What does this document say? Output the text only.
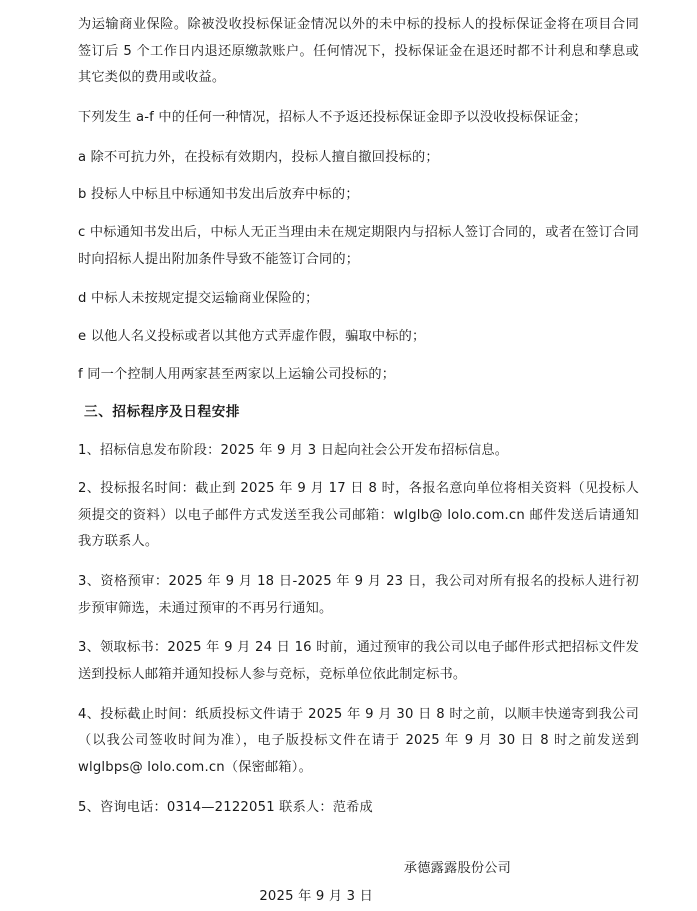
为运输商业保险。除被没收投标保证金情况以外的未中标的投标人的投标保证金将在项目合同签订后 5 个工作日内退还原缴款账户。任何情况下，投标保证金在退还时都不计利息和孳息或其它类似的费用或收益。

下列发生 a-f 中的任何一种情况，招标人不予返还投标保证金即予以没收投标保证金；

a 除不可抗力外，在投标有效期内，投标人擅自撤回投标的；

b 投标人中标且中标通知书发出后放弃中标的；

c 中标通知书发出后，中标人无正当理由未在规定期限内与招标人签订合同的，或者在签订合同时向招标人提出附加条件导致不能签订合同的；

d 中标人未按规定提交运输商业保险的；

e 以他人名义投标或者以其他方式弄虚作假，骗取中标的；

f 同一个控制人用两家甚至两家以上运输公司投标的；

三、招标程序及日程安排

1、招标信息发布阶段：2025 年 9 月 3 日起向社会公开发布招标信息。

2、投标报名时间：截止到 2025 年 9 月 17 日 8 时，各报名意向单位将相关资料（见投标人须提交的资料）以电子邮件方式发送至我公司邮箱：wlglb@ lolo.com.cn 邮件发送后请通知我方联系人。

3、资格预审：2025 年 9 月 18 日-2025 年 9 月 23 日，我公司对所有报名的投标人进行初步预审筛选，未通过预审的不再另行通知。

3、领取标书：2025 年 9 月 24 日 16 时前，通过预审的我公司以电子邮件形式把招标文件发送到投标人邮箱并通知投标人参与竞标，竞标单位依此制定标书。

4、投标截止时间：纸质投标文件请于 2025 年 9 月 30 日 8 时之前，以顺丰快递寄到我公司（以我公司签收时间为准），电子版投标文件在请于 2025 年 9 月 30 日 8 时之前发送到 wlglbps@ lolo.com.cn（保密邮箱）。

5、咨询电话：0314—2122051 联系人：范希成

承德露露股份公司
2025 年 9 月 3 日
